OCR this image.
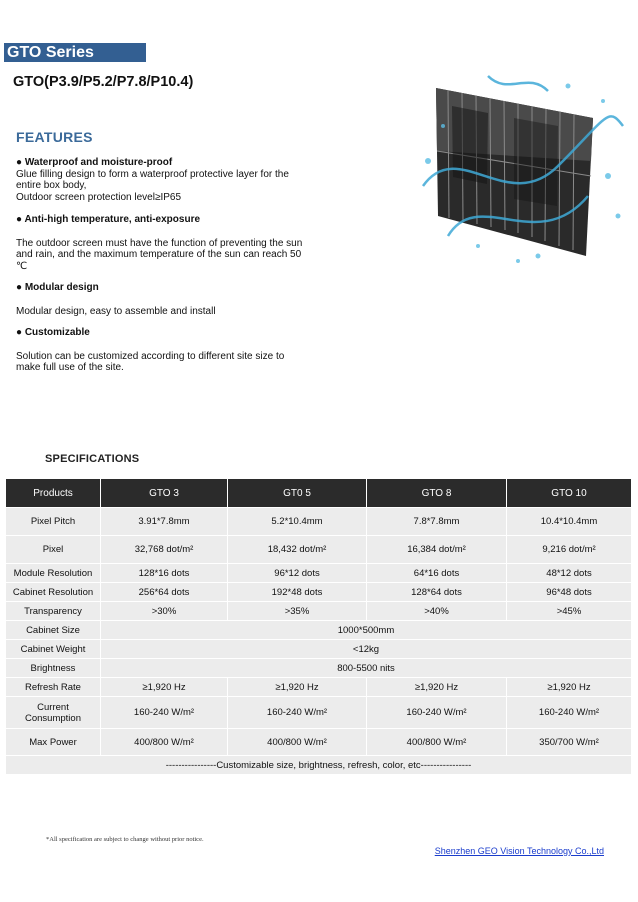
GTO Series
GTO(P3.9/P5.2/P7.8/P10.4)
FEATURES
● Waterproof and moisture-proof
Glue filling design to form a waterproof protective layer for the entire box body,
Outdoor screen protection level≥IP65
● Anti-high temperature, anti-exposure
The outdoor screen must have the function of preventing the sun and rain, and the maximum temperature of the sun can reach 50 ℃
● Modular design
Modular design, easy to assemble and install
● Customizable
Solution can be customized according to different site size to make full use of the site.
SPECIFICATIONS
Products	GTO 3	GT0 5	GTO 8	GTO 10
Pixel Pitch	3.91*7.8mm	5.2*10.4mm	7.8*7.8mm	10.4*10.4mm
Pixel	32,768 dot/m²	18,432 dot/m²	16,384 dot/m²	9,216 dot/m²
Module Resolution	128*16 dots	96*12 dots	64*16 dots	48*12 dots
Cabinet Resolution	256*64 dots	192*48 dots	128*64 dots	96*48 dots
Transparency	>30%	>35%	>40%	>45%
Cabinet Size	1000*500mm			
Cabinet Weight	<12kg			
Brightness	800-5500 nits			
Refresh Rate	≥1,920 Hz	≥1,920 Hz	≥1,920 Hz	≥1,920 Hz
Current Consumption	160-240 W/m²	160-240 W/m²	160-240 W/m²	160-240 W/m²
Max Power	400/800 W/m²	400/800 W/m²	400/800 W/m²	350/700 W/m²
----------------Customizable size, brightness, refresh, color, etc----------------				
*All specification are subject to change without prior notice.
Shenzhen GEO Vision Technology Co.,Ltd
